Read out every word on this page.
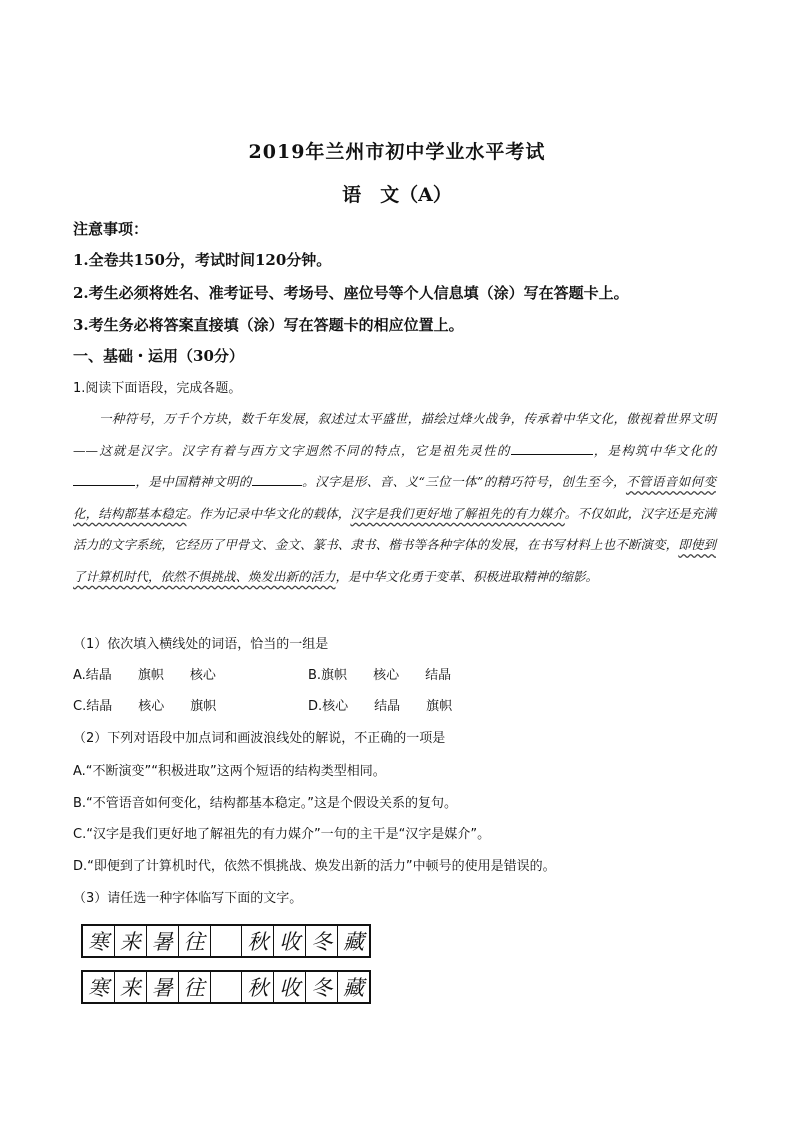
2019年兰州市初中学业水平考试
语　文（A）
注意事项：
1.全卷共150分，考试时间120分钟。
2.考生必须将姓名、准考证号、考场号、座位号等个人信息填（涂）写在答题卡上。
3.考生务必将答案直接填（涂）写在答题卡的相应位置上。
一、基础・运用（30分）
1.阅读下面语段，完成各题。
一种符号，万千个方块，数千年发展，叙述过太平盛世，描绘过烽火战争，传承着中华文化，傲视着世界文明——这就是汉字。汉字有着与西方文字迥然不同的特点，它是祖先灵性的	，是构筑中华文化的，是中国精神文明的	。汉字是形、音、义“三位一体”的精巧符号，创生至今，不管语音如何变化，结构都基本稳定。作为记录中华文化的载体，汉字是我们更好地了解祖先的有力媒介。不仅如此，汉字还是充满活力的文字系统，它经历了甲骨文、金文、篆书、隶书、楷书等各种字体的发展，在书写材料上也不断演变，即使到了计算机时代，依然不惧挑战、焕发出新的活力，是中华文化勇于变革、积极进取精神的缩影。
（1）依次填入横线处的词语，恰当的一组是
A.结晶 旗帜 核心	B.旗帜 核心 结晶
C.结晶 核心 旗帜	D.核心 结晶 旗帜
（2）下列对语段中加点词和画波浪线处的解说，不正确的一项是
A.“不断演变”“积极进取”这两个短语的结构类型相同。
B.“不管语音如何变化，结构都基本稳定。”这是个假设关系的复句。
C.“汉字是我们更好地了解祖先的有力媒介”一句的主干是“汉字是媒介”。
D.“即便到了计算机时代，依然不惧挑战、焕发出新的活力”中顿号的使用是错误的。
（3）请任选一种字体临写下面的文字。
寒 来 暑 往 秋 收 冬 藏
寒 来 暑 往 秋 收 冬 藏
